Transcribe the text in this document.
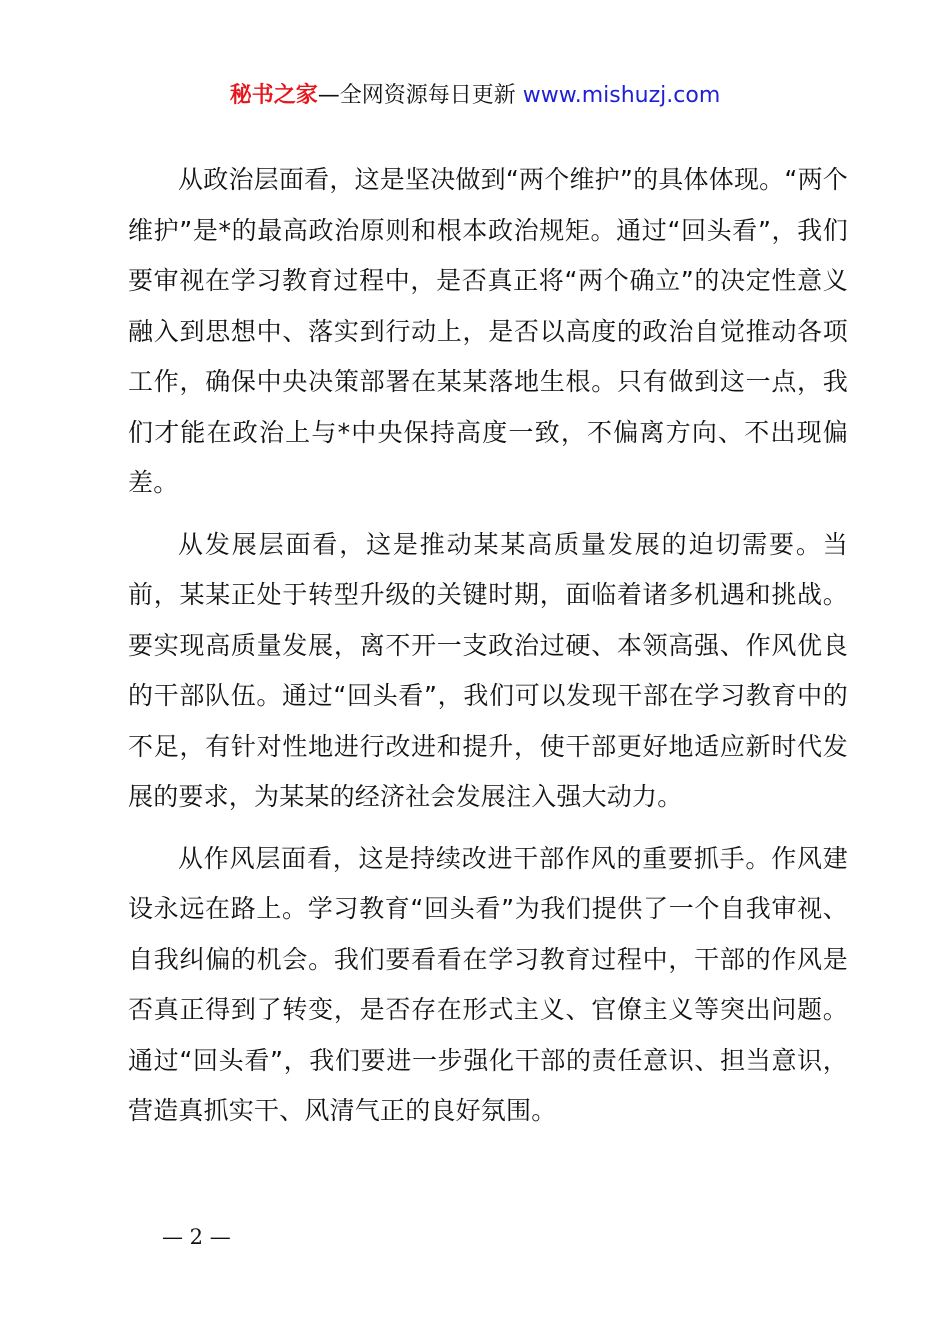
秘书之家—全网资源每日更新 www.mishuzj.com

从政治层面看，这是坚决做到“两个维护”的具体体现。“两个维护”是*的最高政治原则和根本政治规矩。通过“回头看”，我们要审视在学习教育过程中，是否真正将“两个确立”的决定性意义融入到思想中、落实到行动上，是否以高度的政治自觉推动各项工作，确保中央决策部署在某某落地生根。只有做到这一点，我们才能在政治上与*中央保持高度一致，不偏离方向、不出现偏差。

从发展层面看，这是推动某某高质量发展的迫切需要。当前，某某正处于转型升级的关键时期，面临着诸多机遇和挑战。要实现高质量发展，离不开一支政治过硬、本领高强、作风优良的干部队伍。通过“回头看”，我们可以发现干部在学习教育中的不足，有针对性地进行改进和提升，使干部更好地适应新时代发展的要求，为某某的经济社会发展注入强大动力。

从作风层面看，这是持续改进干部作风的重要抓手。作风建设永远在路上。学习教育“回头看”为我们提供了一个自我审视、自我纠偏的机会。我们要看看在学习教育过程中，干部的作风是否真正得到了转变，是否存在形式主义、官僚主义等突出问题。通过“回头看”，我们要进一步强化干部的责任意识、担当意识，营造真抓实干、风清气正的良好氛围。

— 2 —
